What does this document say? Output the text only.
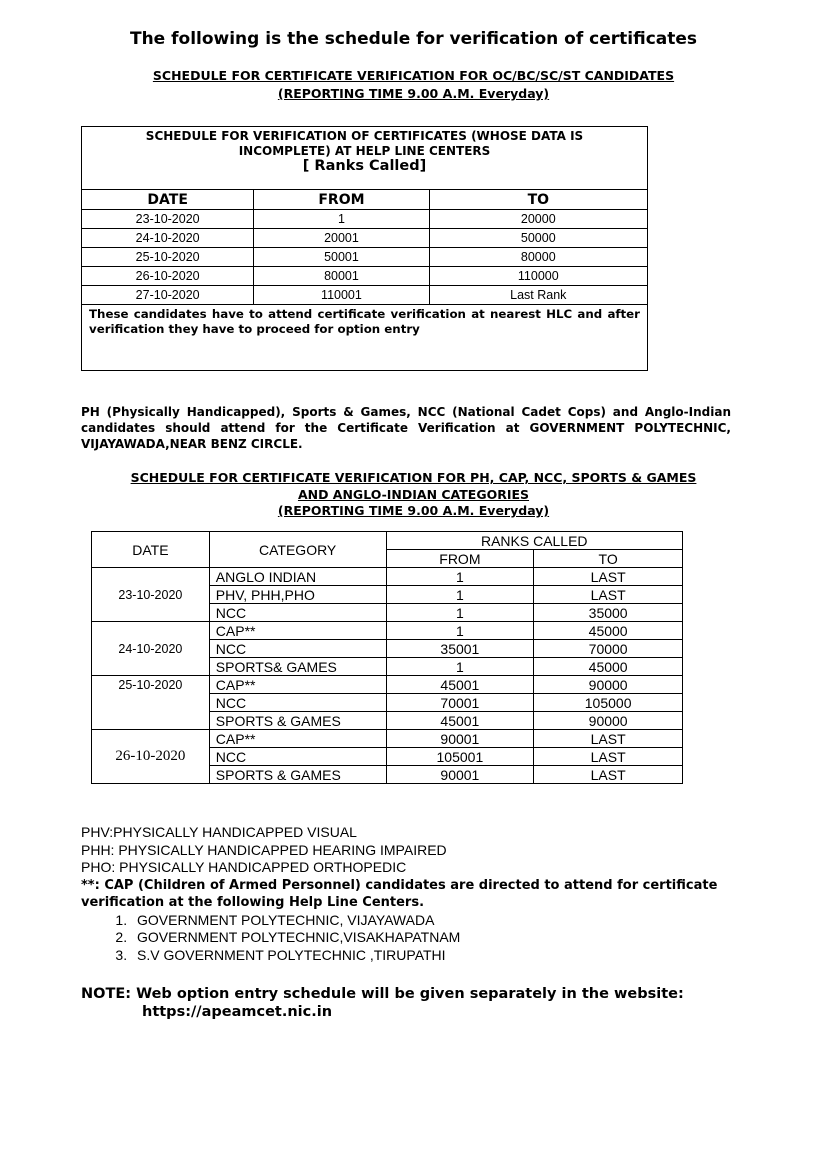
The following is the schedule for verification of certificates
SCHEDULE FOR CERTIFICATE VERIFICATION FOR OC/BC/SC/ST CANDIDATES
(REPORTING TIME 9.00 A.M. Everyday)
SCHEDULE FOR VERIFICATION OF CERTIFICATES (WHOSE DATA IS INCOMPLETE) AT HELP LINE CENTERS
[ Ranks Called]		

DATE	FROM	TO
23-10-2020	1	20000
24-10-2020	20001	50000
25-10-2020	50001	80000
26-10-2020	80001	110000
27-10-2020	110001	Last Rank
These candidates have to attend certificate verification at nearest HLC and after verification they have to proceed for option entry		
PH (Physically Handicapped), Sports & Games, NCC (National Cadet Cops) and Anglo-Indian candidates should attend for the Certificate Verification at GOVERNMENT POLYTECHNIC, VIJAYAWADA,NEAR BENZ CIRCLE.
SCHEDULE FOR CERTIFICATE VERIFICATION FOR PH, CAP, NCC, SPORTS & GAMES
AND ANGLO-INDIAN CATEGORIES
(REPORTING TIME 9.00 A.M. Everyday)
DATE	CATEGORY	RANKS CALLED	
		FROM	TO
23-10-2020	ANGLO INDIAN	1	LAST
	PHV, PHH,PHO	1	LAST
	NCC	1	35000
24-10-2020	CAP**	1	45000
	NCC	35001	70000
	SPORTS& GAMES	1	45000
25-10-2020	CAP**	45001	90000
	NCC	70001	105000
	SPORTS & GAMES	45001	90000
26-10-2020	CAP**	90001	LAST
	NCC	105001	LAST
	SPORTS & GAMES	90001	LAST
PHV:PHYSICALLY HANDICAPPED VISUAL
PHH: PHYSICALLY HANDICAPPED HEARING IMPAIRED
PHO: PHYSICALLY HANDICAPPED ORTHOPEDIC
**: CAP (Children of Armed Personnel) candidates are directed to attend for certificate verification at the following Help Line Centers.
1. GOVERNMENT POLYTECHNIC, VIJAYAWADA
2. GOVERNMENT POLYTECHNIC,VISAKHAPATNAM
3. S.V GOVERNMENT POLYTECHNIC ,TIRUPATHI
NOTE: Web option entry schedule will be given separately in the website:
https://apeamcet.nic.in
